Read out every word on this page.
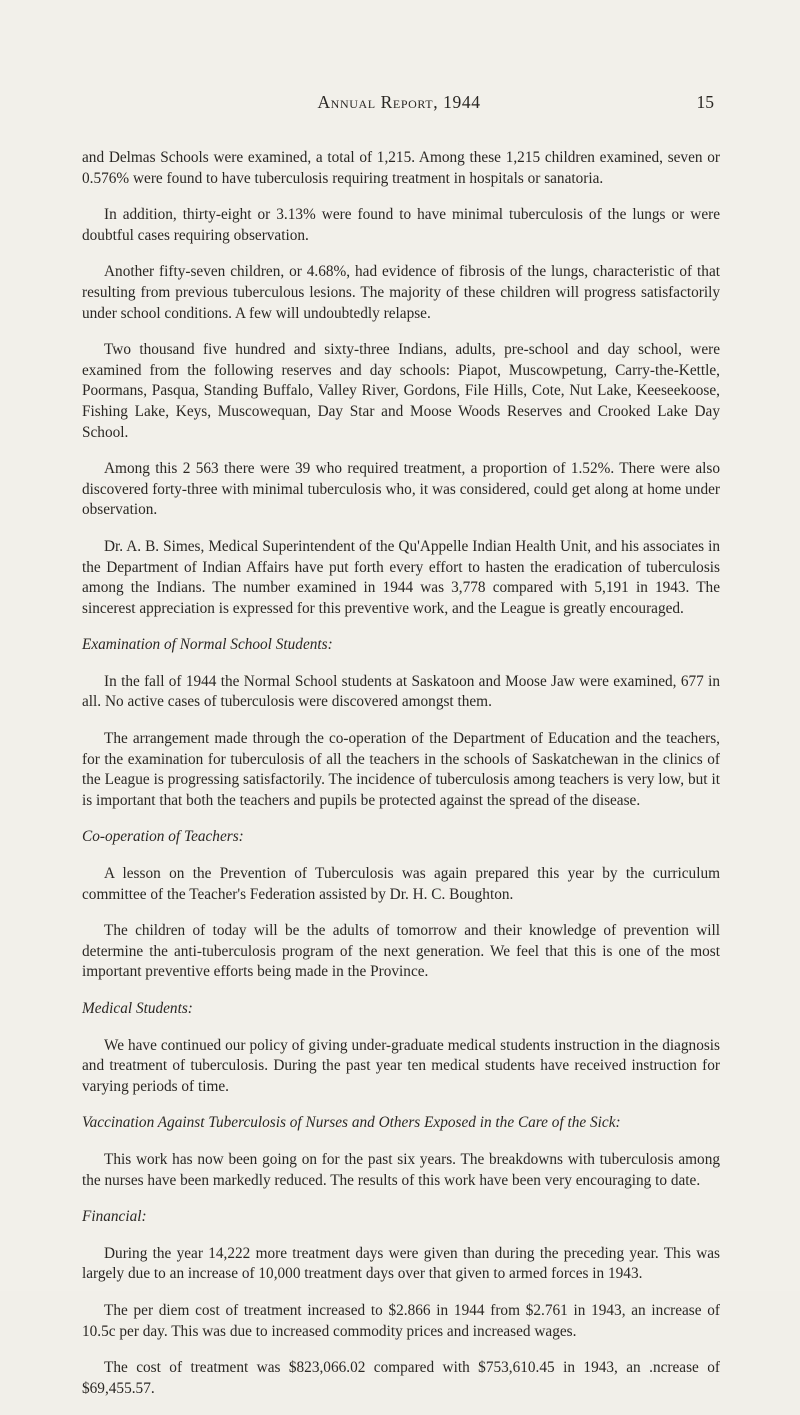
Annual Report, 1944	15

and Delmas Schools were examined, a total of 1,215. Among these 1,215 children examined, seven or 0.576% were found to have tuberculosis requiring treatment in hospitals or sanatoria.

In addition, thirty-eight or 3.13% were found to have minimal tuberculosis of the lungs or were doubtful cases requiring observation.

Another fifty-seven children, or 4.68%, had evidence of fibrosis of the lungs, characteristic of that resulting from previous tuberculous lesions. The majority of these children will progress satisfactorily under school conditions. A few will undoubtedly relapse.

Two thousand five hundred and sixty-three Indians, adults, pre-school and day school, were examined from the following reserves and day schools: Piapot, Muscowpetung, Carry-the-Kettle, Poormans, Pasqua, Standing Buffalo, Valley River, Gordons, File Hills, Cote, Nut Lake, Keeseekoose, Fishing Lake, Keys, Muscowequan, Day Star and Moose Woods Reserves and Crooked Lake Day School.

Among this 2 563 there were 39 who required treatment, a proportion of 1.52%. There were also discovered forty-three with minimal tuberculosis who, it was considered, could get along at home under observation.

Dr. A. B. Simes, Medical Superintendent of the Qu'Appelle Indian Health Unit, and his associates in the Department of Indian Affairs have put forth every effort to hasten the eradication of tuberculosis among the Indians. The number examined in 1944 was 3,778 compared with 5,191 in 1943. The sincerest appreciation is expressed for this preventive work, and the League is greatly encouraged.

Examination of Normal School Students:

In the fall of 1944 the Normal School students at Saskatoon and Moose Jaw were examined, 677 in all. No active cases of tuberculosis were discovered amongst them.

The arrangement made through the co-operation of the Department of Education and the teachers, for the examination for tuberculosis of all the teachers in the schools of Saskatchewan in the clinics of the League is progressing satisfactorily. The incidence of tuberculosis among teachers is very low, but it is important that both the teachers and pupils be protected against the spread of the disease.

Co-operation of Teachers:

A lesson on the Prevention of Tuberculosis was again prepared this year by the curriculum committee of the Teacher's Federation assisted by Dr. H. C. Boughton.

The children of today will be the adults of tomorrow and their knowledge of prevention will determine the anti-tuberculosis program of the next generation. We feel that this is one of the most important preventive efforts being made in the Province.

Medical Students:

We have continued our policy of giving under-graduate medical students instruction in the diagnosis and treatment of tuberculosis. During the past year ten medical students have received instruction for varying periods of time.

Vaccination Against Tuberculosis of Nurses and Others Exposed in the Care of the Sick:

This work has now been going on for the past six years. The breakdowns with tuberculosis among the nurses have been markedly reduced. The results of this work have been very encouraging to date.

Financial:

During the year 14,222 more treatment days were given than during the preceding year. This was largely due to an increase of 10,000 treatment days over that given to armed forces in 1943.

The per diem cost of treatment increased to $2.866 in 1944 from $2.761 in 1943, an increase of 10.5c per day. This was due to increased commodity prices and increased wages.

The cost of treatment was $823,066.02 compared with $753,610.45 in 1943, an .ncrease of $69,455.57.
